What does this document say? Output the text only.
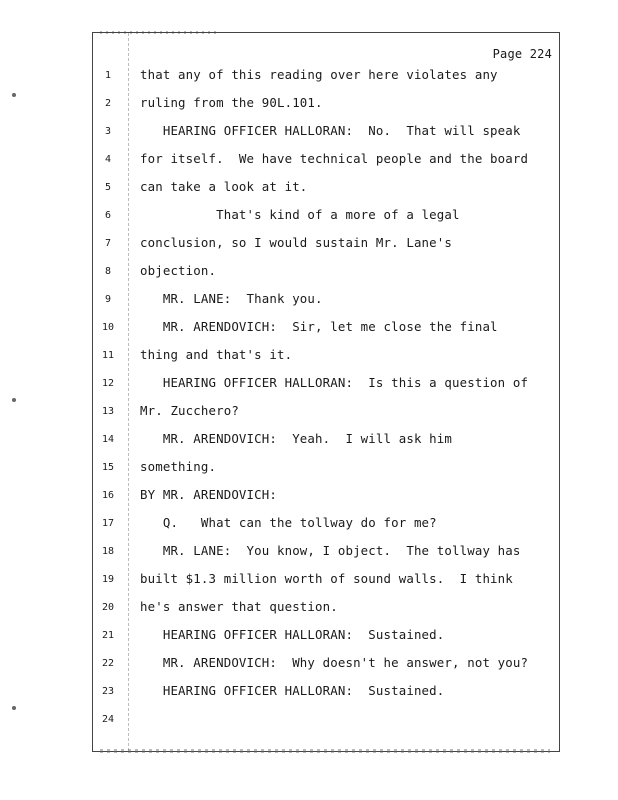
Page 224
1	that any of this reading over here violates any
2	ruling from the 90L.101.
3	HEARING OFFICER HALLORAN:  No.  That will speak
4	for itself.  We have technical people and the board
5	can take a look at it.
6	That's kind of a more of a legal
7	conclusion, so I would sustain Mr. Lane's
8	objection.
9	MR. LANE:  Thank you.
10	MR. ARENDOVICH:  Sir, let me close the final
11	thing and that's it.
12	HEARING OFFICER HALLORAN:  Is this a question of
13	Mr. Zucchero?
14	MR. ARENDOVICH:  Yeah.  I will ask him
15	something.
16	BY MR. ARENDOVICH:
17	Q.   What can the tollway do for me?
18	MR. LANE:  You know, I object.  The tollway has
19	built $1.3 million worth of sound walls.  I think
20	he's answer that question.
21	HEARING OFFICER HALLORAN:  Sustained.
22	MR. ARENDOVICH:  Why doesn't he answer, not you?
23	HEARING OFFICER HALLORAN:  Sustained.
24
